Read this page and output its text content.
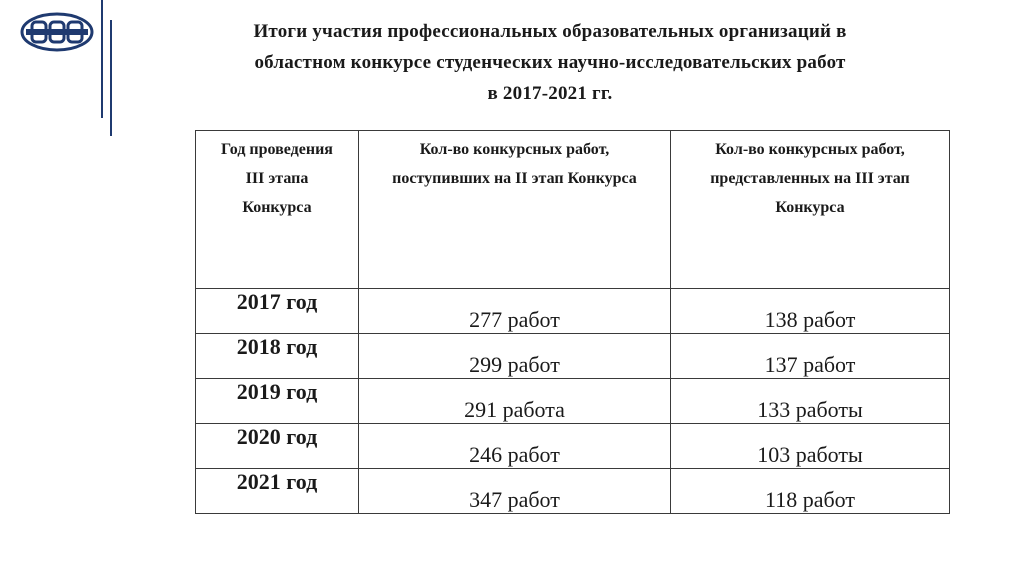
Итоги участия профессиональных образовательных организаций в
областном конкурсе студенческих научно-исследовательских работ
в 2017-2021 гг.
Год проведения III этапа Конкурса	Кол-во конкурсных работ, поступивших на II этап Конкурса	Кол-во конкурсных работ, представленных на III этап Конкурса
2017 год	277 работ	138 работ
2018 год	299 работ	137 работ
2019 год	291 работа	133 работы
2020 год	246 работ	103 работы
2021 год	347 работ	118 работ
